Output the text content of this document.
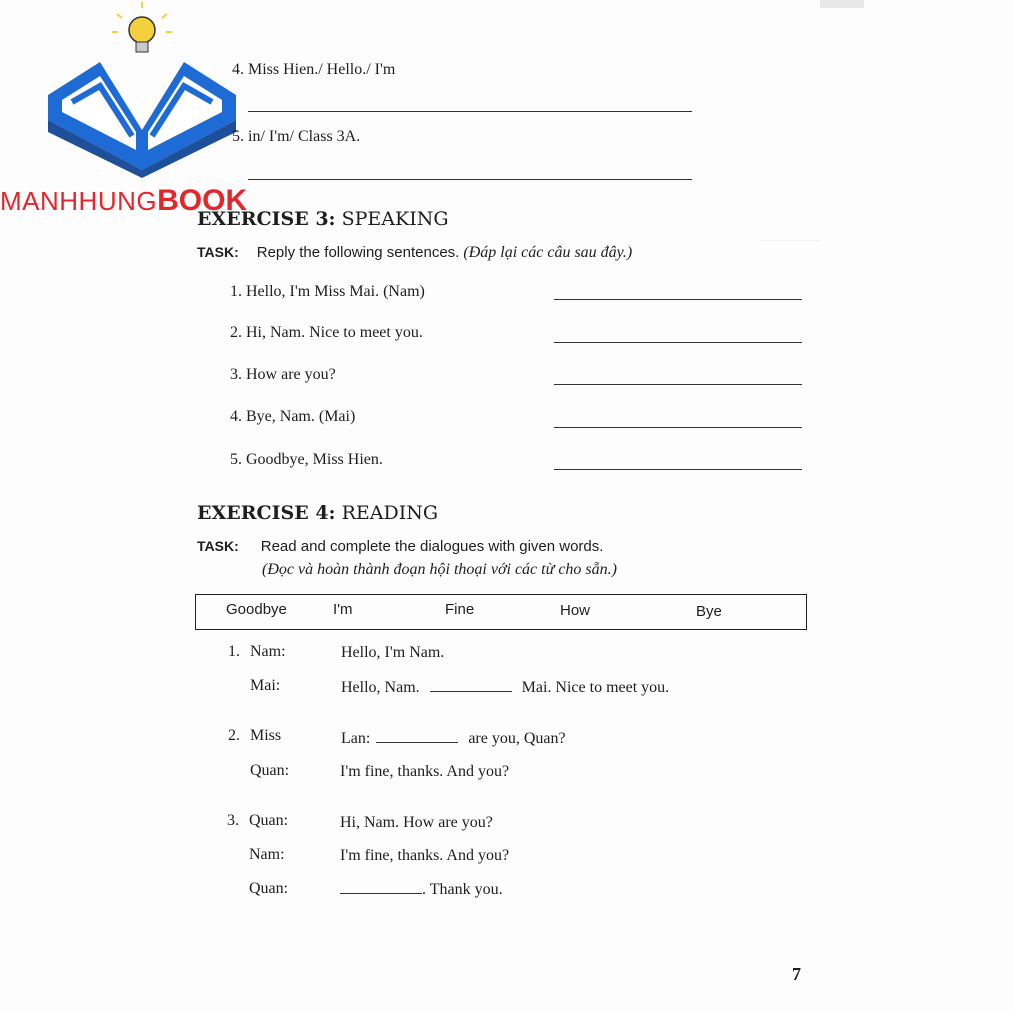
MANHHUNGBOOK
4. Miss Hien./ Hello./ I'm
5. in/ I'm/ Class 3A.
EXERCISE 3: SPEAKING
TASK: Reply the following sentences. (Đáp lại các câu sau đây.)
1. Hello, I'm Miss Mai. (Nam)
2. Hi, Nam. Nice to meet you.
3. How are you?
4. Bye, Nam. (Mai)
5. Goodbye, Miss Hien.
EXERCISE 4: READING
TASK: Read and complete the dialogues with given words.
(Đọc và hoàn thành đoạn hội thoại với các từ cho sẵn.)
Goodbye	I'm	Fine	How	Bye
1. Nam:	Hello, I'm Nam.
Mai:	Hello, Nam.	Mai. Nice to meet you.
2. Miss	Lan:	are you, Quan?
Quan:	I'm fine, thanks. And you?
3. Quan:	Hi, Nam. How are you?
Nam:	I'm fine, thanks. And you?
Quan:	. Thank you.
7
